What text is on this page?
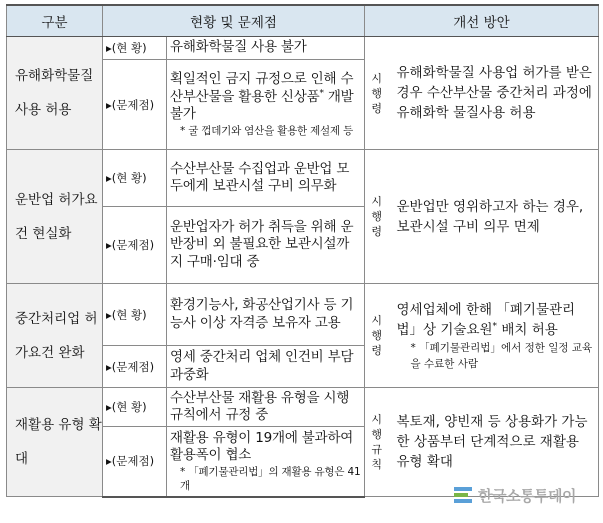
구분	현황 및 문제점		개선 방안	
유해화학물질 사용 허용	▸(현 황)	유해화학물질 사용 불가	시행령	유해화학물질 사용업 허가를 받은 경우 수산부산물 중간처리 과정에 유해화학 물질사용 허용
	▸(문제점)	획일적인 금지 규정으로 인해 수산부산물을 활용한 신상품* 개발 불가
* 굴 껍데기와 염산을 활용한 제설제 등		

운반업 허가요건 현실화	▸(현 황)	수산부산물 수집업과 운반업 모두에게 보관시설 구비 의무화	시행령	운반업만 영위하고자 하는 경우, 보관시설 구비 의무 면제
	▸(문제점)	운반업자가 허가 취득을 위해 운반장비 외 불필요한 보관시설까지 구매·임대 중		
중간처리업 허가요건 완화	▸(현 황)	환경기능사, 화공산업기사 등 기능사 이상 자격증 보유자 고용	시행령	영세업체에 한해 「폐기물관리법」상 기술요원* 배치 허용
* 「폐기물관리법」에서 정한 일정 교육을 수료한 사람

	▸(문제점)	영세 중간처리 업체 인건비 부담 과중화		
재활용 유형 확대	▸(현 황)	수산부산물 재활용 유형을 시행규칙에서 규정 중	시행규칙	복토재, 양빈재 등 상용화가 가능한 상품부터 단계적으로 재활용 유형 확대
	▸(문제점)	재활용 유형이 19개에 불과하여 활용폭이 협소
* 「폐기물관리법」의 재활용 유형은 41개		
한국소통투데이
